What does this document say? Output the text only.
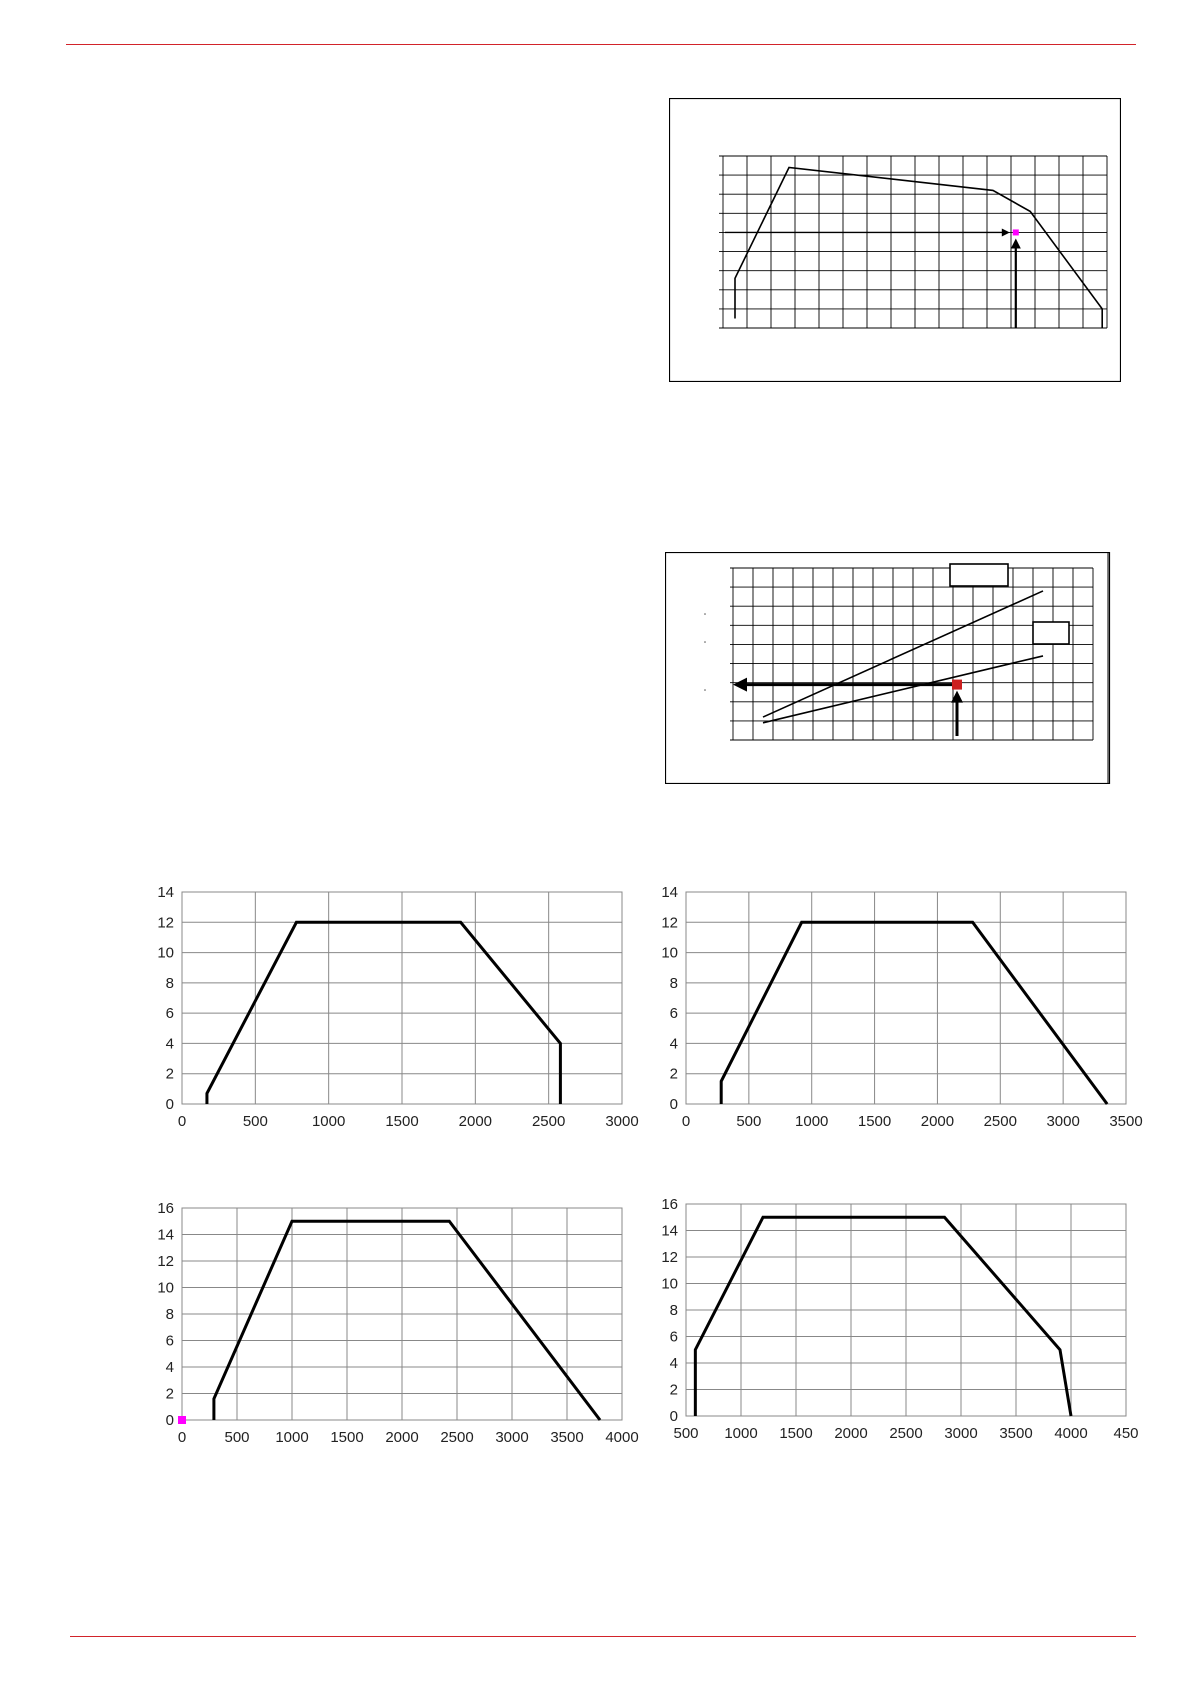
0	500	1000	1500	2000	2500	3000
0
2
4
6
8
10
12
14
0	500 1000 1500 2000 2500 3000 3500
0
2
4
6
8
10
12
14
0	500 1000 1500 2000 2500 3000 3500 4000
0
2
4
6
8
10
12
14
16
500 1000 1500 2000 2500 3000 3500 4000 450
0
2
4
6
8
10
12
14
16
